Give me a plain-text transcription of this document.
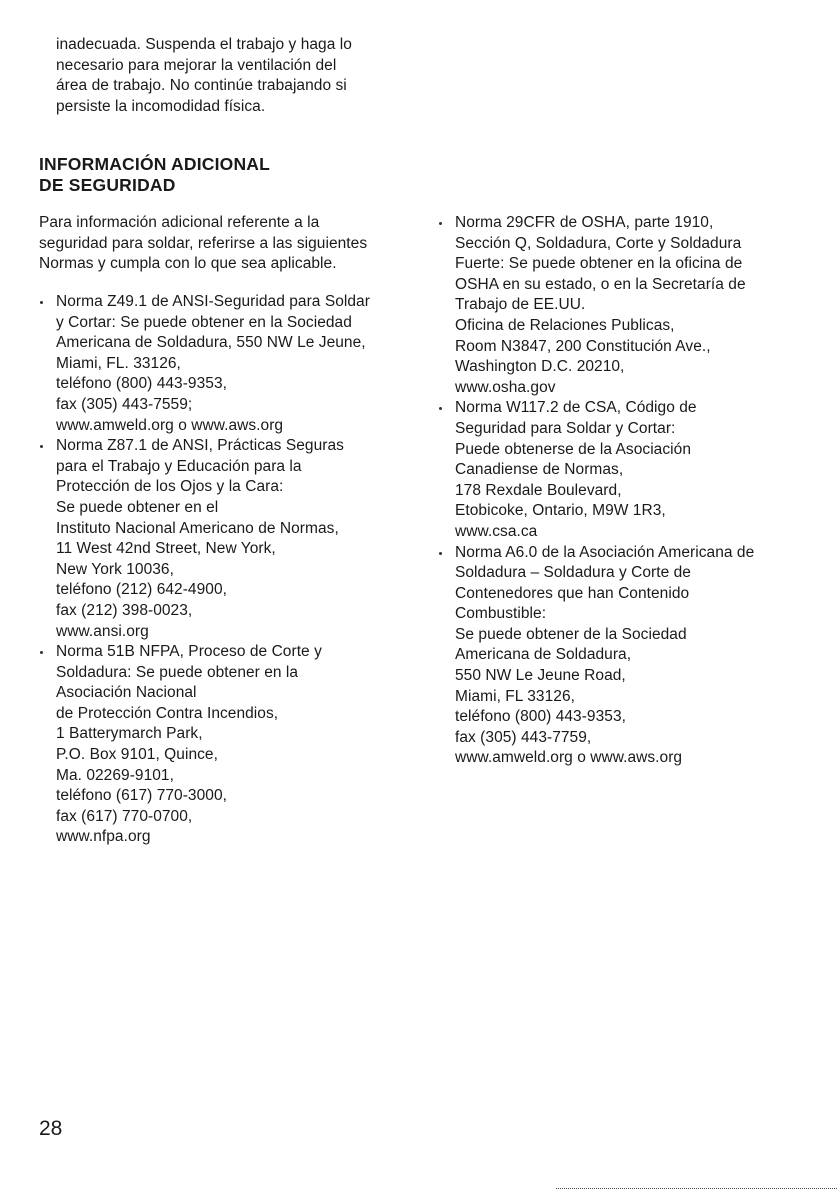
inadecuada. Suspenda el trabajo y haga lo
necesario para mejorar la ventilación del
área de trabajo. No continúe trabajando si
persiste la incomodidad física.
INFORMACIÓN ADICIONAL
DE SEGURIDAD
Para información adicional referente a la
seguridad para soldar, referirse a las siguientes
Normas y cumpla con lo que sea aplicable.
Norma Z49.1 de ANSI-Seguridad para Soldar
y Cortar: Se puede obtener en la Sociedad
Americana de Soldadura, 550 NW Le Jeune,
Miami, FL. 33126,
teléfono (800) 443-9353,
fax (305) 443-7559;
www.amweld.org o www.aws.org
Norma Z87.1 de ANSI, Prácticas Seguras
para el Trabajo y Educación para la
Protección de los Ojos y la Cara:
Se puede obtener en el
Instituto Nacional Americano de Normas,
11 West 42nd Street, New York,
New York 10036,
teléfono (212) 642-4900,
fax (212) 398-0023,
www.ansi.org
Norma 51B NFPA, Proceso de Corte y
Soldadura: Se puede obtener en la
Asociación Nacional
de Protección Contra Incendios,
1 Batterymarch Park,
P.O. Box 9101, Quince,
Ma. 02269-9101,
teléfono (617) 770-3000,
fax (617) 770-0700,
www.nfpa.org
Norma 29CFR de OSHA, parte 1910,
Sección Q, Soldadura, Corte y Soldadura
Fuerte: Se puede obtener en la oficina de
OSHA en su estado, o en la Secretaría de
Trabajo de EE.UU.
Oficina de Relaciones Publicas,
Room N3847, 200 Constitución Ave.,
Washington D.C. 20210,
www.osha.gov
Norma W117.2 de CSA, Código de
Seguridad para Soldar y Cortar:
Puede obtenerse de la Asociación
Canadiense de Normas,
178 Rexdale Boulevard,
Etobicoke, Ontario, M9W 1R3,
www.csa.ca
Norma A6.0 de la Asociación Americana de
Soldadura – Soldadura y Corte de
Contenedores que han Contenido
Combustible:
Se puede obtener de la Sociedad
Americana de Soldadura,
550 NW Le Jeune Road,
Miami, FL 33126,
teléfono (800) 443-9353,
fax (305) 443-7759,
www.amweld.org o www.aws.org
28
